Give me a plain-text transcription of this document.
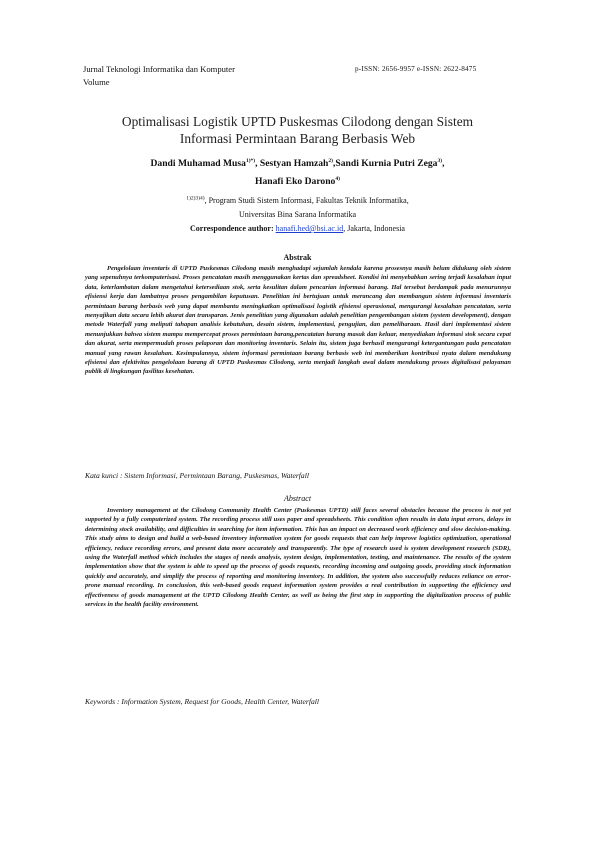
Jurnal Teknologi Informatika dan Komputer
Volume
p-ISSN: 2656-9957 e-ISSN: 2622-8475
Optimalisasi Logistik UPTD Puskesmas Cilodong dengan Sistem
Informasi Permintaan Barang Berbasis Web
Dandi Muhamad Musa$^{1)*)}$, Sestyan Hamzah$^{2)}$,Sandi Kurnia Putri Zega$^{3)}$,
Hanafi Eko Darono$^{4)}$
$^{1)2)3)4)}$, Program Studi Sistem Informasi, Fakultas Teknik Informatika,
Universitas Bina Sarana Informatika
Correspondence author: hanafi.hed@bsi.ac.id, Jakarta, Indonesia
Abstrak
Pengelolaan inventaris di UPTD Puskesmas Cilodong masih menghadapi sejumlah kendala karena prosesnya masih belum didukung oleh sistem yang sepenuhnya terkomputerisasi. Proses pencatatan masih menggunakan kertas dan spreadsheet. Kondisi ini menyebabkan sering terjadi kesalahan input data, keterlambatan dalam mengetahui ketersediaan stok, serta kesulitan dalam pencarian informasi barang. Hal tersebut berdampak pada menurunnya efisiensi kerja dan lambatnya proses pengambilan keputusan. Penelitian ini bertujuan untuk merancang dan membangun sistem informasi inventaris permintaan barang berbasis web yang dapat membantu meningkatkan optimalisasi logistik efisiensi operasional, mengurangi kesalahan pencatatan, serta menyajikan data secara lebih akurat dan transparan. Jenis penelitian yang digunakan adalah penelitian pengembangan sistem (system development), dengan metode Waterfall yang meliputi tahapan analisis kebutuhan, desain sistem, implementasi, pengujian, dan pemeliharaan. Hasil dari implementasi sistem menunjukkan bahwa sistem mampu mempercepat proses permintaan barang,pencatatan barang masuk dan keluar, menyediakan informasi stok secara cepat dan akurat, serta mempermudah proses pelaporan dan monitoring inventaris. Selain itu, sistem juga berhasil mengurangi ketergantungan pada pencatatan manual yang rawan kesalahan. Kesimpulannya, sistem informasi permintaan barang berbasis web ini memberikan kontribusi nyata dalam mendukung efisiensi dan efektivitas pengelolaan barang di UPTD Puskesmas Cilodong, serta menjadi langkah awal dalam mendukung proses digitalisasi pelayanan publik di lingkungan fasilitas kesehatan.
Kata kunci : Sistem Informasi, Permintaan Barang, Puskesmas, Waterfall
Abstract
Inventory management at the Cilodong Community Health Center (Puskesmas UPTD) still faces several obstacles because the process is not yet supported by a fully computerized system. The recording process still uses paper and spreadsheets. This condition often results in data input errors, delays in determining stock availability, and difficulties in searching for item information. This has an impact on decreased work efficiency and slow decision-making. This study aims to design and build a web-based inventory information system for goods requests that can help improve logistics optimization, operational efficiency, reduce recording errors, and present data more accurately and transparently. The type of research used is system development research (SDR), using the Waterfall method which includes the stages of needs analysis, system design, implementation, testing, and maintenance. The results of the system implementation show that the system is able to speed up the process of goods requests, recording incoming and outgoing goods, providing stock information quickly and accurately, and simplify the process of reporting and monitoring inventory. In addition, the system also successfully reduces reliance on error-prone manual recording. In conclusion, this web-based goods request information system provides a real contribution in supporting the efficiency and effectiveness of goods management at the UPTD Cilodong Health Center, as well as being the first step in supporting the digitalization process of public services in the health facility environment.
Keywords : Information System, Request for Goods, Health Center, Waterfall
